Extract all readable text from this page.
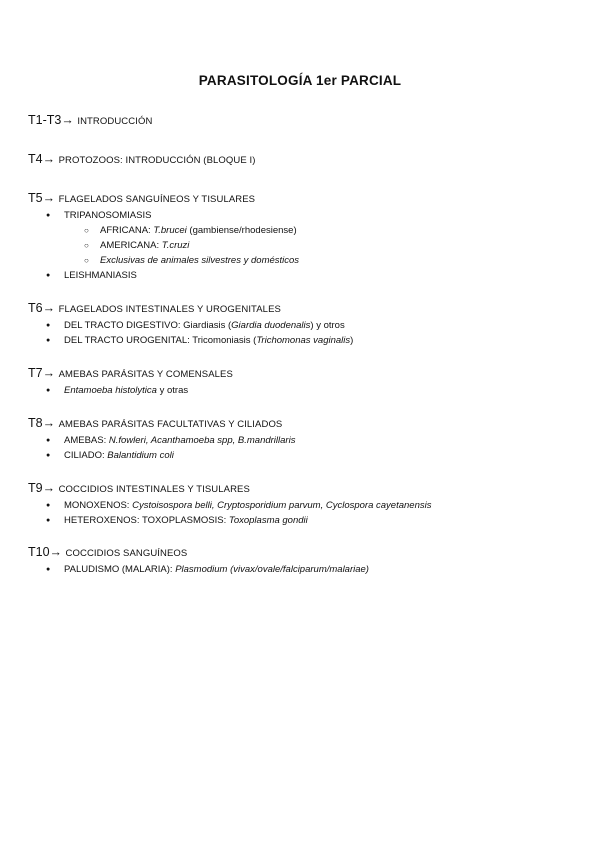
PARASITOLOGÍA 1er PARCIAL
T1-T3→ INTRODUCCIÓN
T4→ PROTOZOOS: INTRODUCCIÓN (BLOQUE I)
T5→ FLAGELADOS SANGUÍNEOS Y TISULARES
● TRIPANOSOMIASIS
○ AFRICANA: T.brucei (gambiense/rhodesiense)
○ AMERICANA: T.cruzi
○ Exclusivas de animales silvestres y domésticos
● LEISHMANIASIS
T6→ FLAGELADOS INTESTINALES Y UROGENITALES
● DEL TRACTO DIGESTIVO: Giardiasis (Giardia duodenalis) y otros
● DEL TRACTO UROGENITAL: Tricomoniasis (Trichomonas vaginalis)
T7→ AMEBAS PARÁSITAS Y COMENSALES
● Entamoeba histolytica y otras
T8→ AMEBAS PARÁSITAS FACULTATIVAS Y CILIADOS
● AMEBAS: N.fowleri, Acanthamoeba spp, B.mandrillaris
● CILIADO: Balantidium coli
T9→ COCCIDIOS INTESTINALES Y TISULARES
● MONOXENOS: Cystoisospora belli, Cryptosporidium parvum, Cyclospora cayetanensis
● HETEROXENOS: TOXOPLASMOSIS: Toxoplasma gondii
T10→ COCCIDIOS SANGUÍNEOS
● PALUDISMO (MALARIA): Plasmodium (vivax/ovale/falciparum/malariae)
